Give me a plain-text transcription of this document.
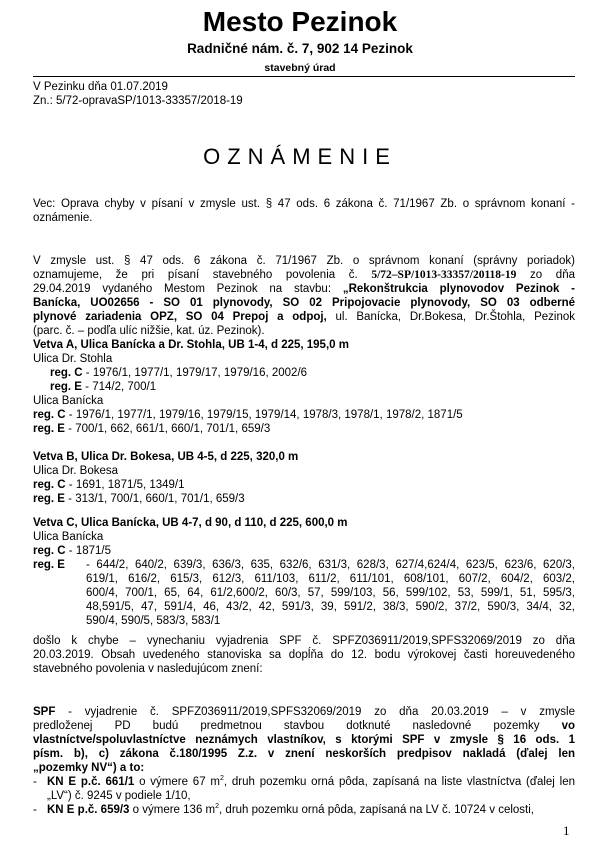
Mesto Pezinok
Radničné nám. č. 7, 902 14 Pezinok
stavebný úrad
V Pezinku dňa 01.07.2019
Zn.: 5/72-opravaSP/1013-33357/2018-19
OZNÁMENIE
Vec: Oprava chyby v písaní v zmysle ust. § 47 ods. 6 zákona č. 71/1967 Zb. o správnom konaní -
oznámenie.
V zmysle ust. § 47 ods. 6 zákona č. 71/1967 Zb. o správnom konaní (správny poriadok)
oznamujeme, že pri písaní stavebného povolenia č. 5/72–SP/1013-33357/20118-19 zo dňa
29.04.2019 vydaného Mestom Pezinok na stavbu: „Rekonštrukcia plynovodov Pezinok -
Banícka, UO02656 - SO 01 plynovody, SO 02 Pripojovacie plynovody, SO 03 odberné
plynové zariadenia OPZ, SO 04 Prepoj a odpoj, ul. Banícka, Dr.Bokesa, Dr.Štohla, Pezinok
(parc. č. – podľa ulíc nižšie, kat. úz. Pezinok).
Vetva A, Ulica Banícka a Dr. Stohla, UB 1-4, d 225, 195,0 m
Ulica Dr. Stohla
reg. C - 1976/1, 1977/1, 1979/17, 1979/16, 2002/6
reg. E - 714/2, 700/1
Ulica Banícka
reg. C - 1976/1, 1977/1, 1979/16, 1979/15, 1979/14, 1978/3, 1978/1, 1978/2, 1871/5
reg. E - 700/1, 662, 661/1, 660/1, 701/1, 659/3
Vetva B, Ulica Dr. Bokesa, UB 4-5, d 225, 320,0 m
Ulica Dr. Bokesa
reg. C - 1691, 1871/5, 1349/1
reg. E - 313/1, 700/1, 660/1, 701/1, 659/3
Vetva C, Ulica Banícka, UB 4-7, d 90, d 110, d 225, 600,0 m
Ulica Banícka
reg. C - 1871/5
reg. E - 644/2, 640/2, 639/3, 636/3, 635, 632/6, 631/3, 628/3, 627/4,624/4, 623/5, 623/6, 620/3,
619/1, 616/2, 615/3, 612/3, 611/103, 611/2, 611/101, 608/101, 607/2, 604/2, 603/2,
600/4, 700/1, 65, 64, 61/2,600/2, 60/3, 57, 599/103, 56, 599/102, 53, 599/1, 51, 595/3,
48,591/5, 47, 591/4, 46, 43/2, 42, 591/3, 39, 591/2, 38/3, 590/2, 37/2, 590/3, 34/4, 32,
590/4, 590/5, 583/3, 583/1
došlo k chybe – vynechaniu vyjadrenia SPF č. SPFZ036911/2019,SPFS32069/2019 zo dňa
20.03.2019. Obsah uvedeného stanoviska sa dopĺňa do 12. bodu výrokovej časti horeuvedeného
stavebného povolenia v nasledujúcom znení:
SPF - vyjadrenie č. SPFZ036911/2019,SPFS32069/2019 zo dňa 20.03.2019 – v zmysle
predloženej PD budú predmetnou stavbou dotknuté nasledovné pozemky vo
vlastníctve/spoluvlastníctve neznámych vlastníkov, s ktorými SPF v zmysle § 16 ods. 1
písm. b), c) zákona č.180/1995 Z.z. v znení neskorších predpisov nakladá (ďalej len
„pozemky NV“) a to:
- KN E p.č. 661/1 o výmere 67 $m^2$, druh pozemku orná pôda, zapísaná na liste vlastníctva (ďalej len
„LV“) č. 9245 v podiele 1/10,
- KN E p.č. 659/3 o výmere 136 $m^2$, druh pozemku orná pôda, zapísaná na LV č. 10724 v celosti,
1
